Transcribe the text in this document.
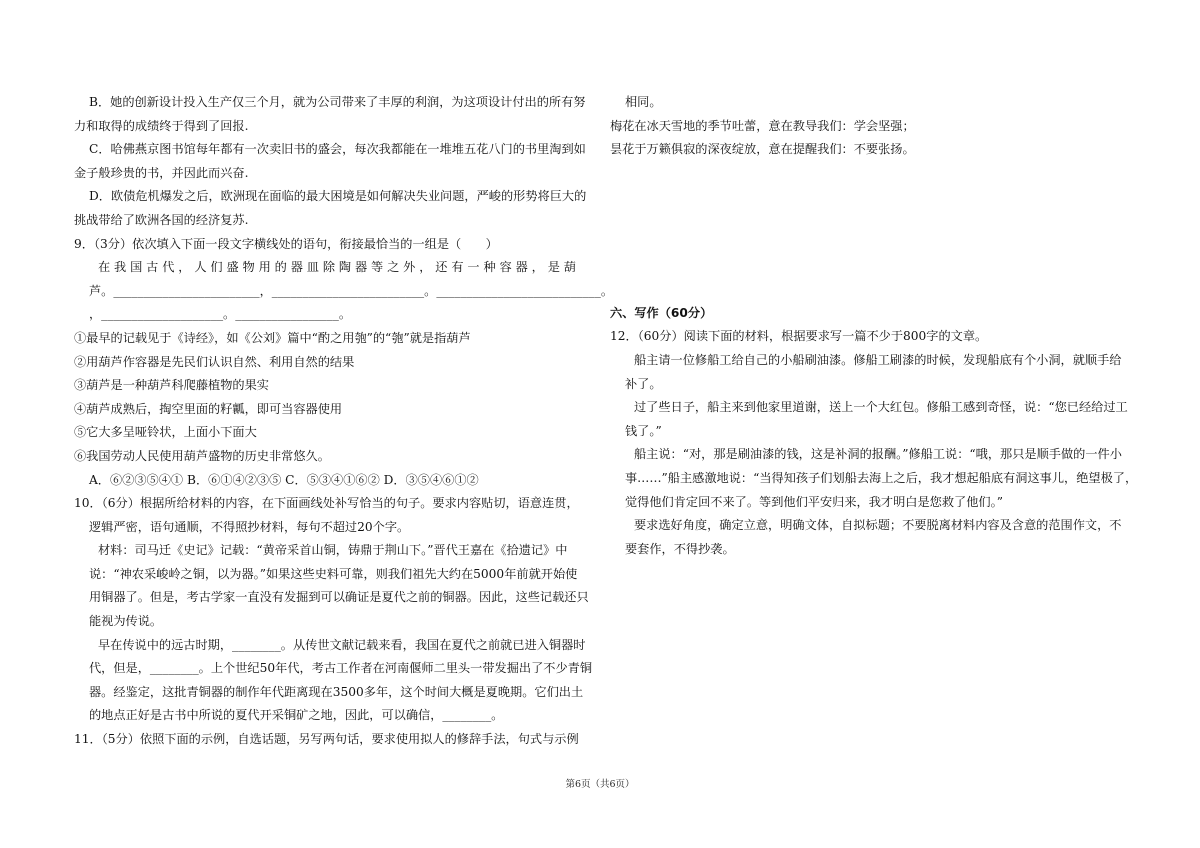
B．她的创新设计投入生产仅三个月，就为公司带来了丰厚的利润，为这项设计付出的所有努

力和取得的成绩终于得到了回报.

C．哈佛燕京图书馆每年都有一次卖旧书的盛会，每次我都能在一堆堆五花八门的书里淘到如

金子般珍贵的书，并因此而兴奋.

D．欧债危机爆发之后，欧洲现在面临的最大困境是如何解决失业问题，严峻的形势将巨大的

挑战带给了欧洲各国的经济复苏.

9．（3分）依次填入下面一段文字横线处的语句，衔接最恰当的一组是（　　）

在 我 国 古 代 ， 人 们 盛 物 用 的 器 皿 除 陶 器 等 之 外 ， 还 有 一 种 容 器 ， 是 葫

芦。________________________，_________________________。___________________________。

，____________________。_________________。

①最早的记载见于《诗经》，如《公刘》篇中“酌之用匏”的“匏”就是指葫芦

②用葫芦作容器是先民们认识自然、利用自然的结果

③葫芦是一种葫芦科爬藤植物的果实

④葫芦成熟后，掏空里面的籽瓤，即可当容器使用

⑤它大多呈哑铃状，上面小下面大

⑥我国劳动人民使用葫芦盛物的历史非常悠久。

A．⑥②③⑤④① B．⑥①④②③⑤ C．⑤③④①⑥② D．③⑤④⑥①②

10．（6分）根据所给材料的内容，在下面画线处补写恰当的句子。要求内容贴切，语意连贯，

逻辑严密，语句通顺，不得照抄材料，每句不超过20个字。

材料：司马迁《史记》记载：“黄帝采首山铜，铸鼎于荆山下。”晋代王嘉在《拾遗记》中

说：“神农采峻岭之铜，以为器。”如果这些史料可靠，则我们祖先大约在5000年前就开始使

用铜器了。但是，考古学家一直没有发掘到可以确证是夏代之前的铜器。因此，这些记载还只

能视为传说。

早在传说中的远古时期，________。从传世文献记载来看，我国在夏代之前就已进入铜器时

代，但是，________。上个世纪50年代，考古工作者在河南偃师二里头一带发掘出了不少青铜

器。经鉴定，这批青铜器的制作年代距离现在3500多年，这个时间大概是夏晚期。它们出土

的地点正好是古书中所说的夏代开采铜矿之地，因此，可以确信，________。

11．（5分）依照下面的示例，自选话题，另写两句话，要求使用拟人的修辞手法，句式与示例

相同。

梅花在冰天雪地的季节吐蕾，意在教导我们：学会坚强；

昙花于万籁俱寂的深夜绽放，意在提醒我们：不要张扬。

六、写作（60分）

12．（60分）阅读下面的材料，根据要求写一篇不少于800字的文章。

船主请一位修船工给自己的小船刷油漆。修船工刷漆的时候，发现船底有个小洞，就顺手给

补了。

过了些日子，船主来到他家里道谢，送上一个大红包。修船工感到奇怪，说：“您已经给过工

钱了。”

船主说：“对，那是刷油漆的钱，这是补洞的报酬。”修船工说：“哦，那只是顺手做的一件小

事……”船主感激地说：“当得知孩子们划船去海上之后，我才想起船底有洞这事儿，绝望极了，

觉得他们肯定回不来了。等到他们平安归来，我才明白是您救了他们。”

要求选好角度，确定立意，明确文体，自拟标题；不要脱离材料内容及含意的范围作文，不

要套作，不得抄袭。

第6页（共6页）
